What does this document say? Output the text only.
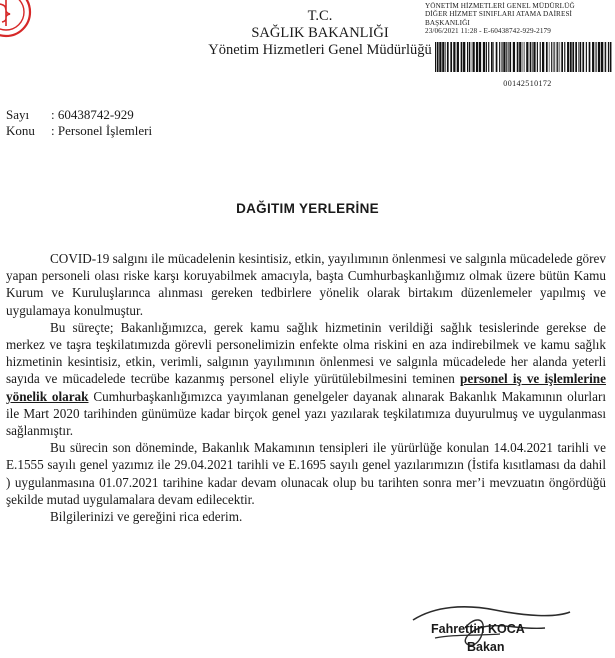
T.C.
SAĞLIK BAKANLIĞI
Yönetim Hizmetleri Genel Müdürlüğü
YÖNETİM HİZMETLERİ GENEL MÜDÜRLÜĞ
DİĞER HİZMET SINIFLARI ATAMA DAİRESİ
BAŞKANLIĞI
23/06/2021 11:28 - E-60438742-929-2179
00142510172
Sayı : 60438742-929
Konu : Personel İşlemleri
DAĞITIM YERLERİNE

COVID-19 salgını ile mücadelenin kesintisiz, etkin, yayılımının önlenmesi ve salgınla mücadelede görev yapan personeli olası riske karşı koruyabilmek amacıyla, başta Cumhurbaşkanlığımız olmak üzere bütün Kamu Kurum ve Kuruluşlarınca alınması gereken tedbirlere yönelik olarak birtakım düzenlemeler yapılmış ve uygulamaya konulmuştur.

Bu süreçte; Bakanlığımızca, gerek kamu sağlık hizmetinin verildiği sağlık tesislerinde gerekse de merkez ve taşra teşkilatımızda görevli personelimizin enfekte olma riskini en aza indirebilmek ve kamu sağlık hizmetinin kesintisiz, etkin, verimli, salgının yayılımının önlenmesi ve salgınla mücadelede her alanda yeterli sayıda ve mücadelede tecrübe kazanmış personel eliyle yürütülebilmesini teminen personel iş ve işlemlerine yönelik olarak Cumhurbaşkanlığımızca yayımlanan genelgeler dayanak alınarak Bakanlık Makamının olurları ile Mart 2020 tarihinden günümüze kadar birçok genel yazı yazılarak teşkilatımıza duyurulmuş ve uygulanması sağlanmıştır.

Bu sürecin son döneminde, Bakanlık Makamının tensipleri ile yürürlüğe konulan 14.04.2021 tarihli ve E.1555 sayılı genel yazımız ile 29.04.2021 tarihli ve E.1695 sayılı genel yazılarımızın (İstifa kısıtlaması da dahil ) uygulanmasına 01.07.2021 tarihine kadar devam olunacak olup bu tarihten sonra mer’i mevzuatın öngördüğü şekilde mutad uygulamalara devam edilecektir.

Bilgilerinizi ve gereğini rica ederim.

Fahrettin KOCA
Bakan
